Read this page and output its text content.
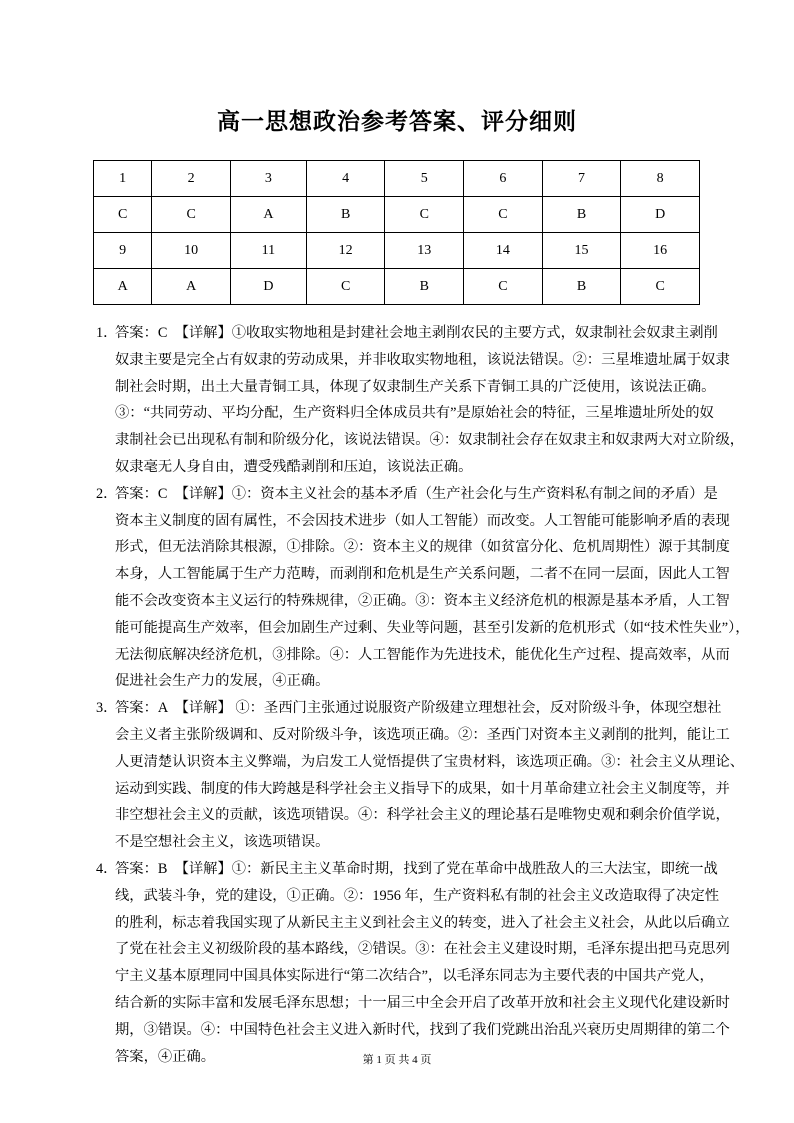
高一思想政治参考答案、评分细则
1	2	3	4	5	6	7	8
C	C	A	B	C	C	B	D
9	10	11	12	13	14	15	16
A	A	D	C	B	C	B	C
1．
答案：C　【详解】①收取实物地租是封建社会地主剥削农民的主要方式，奴隶制社会奴隶主剥削
奴隶主要是完全占有奴隶的劳动成果，并非收取实物地租，该说法错误。②：三星堆遗址属于奴隶
制社会时期，出土大量青铜工具，体现了奴隶制生产关系下青铜工具的广泛使用，该说法正确。
③：“共同劳动、平均分配，生产资料归全体成员共有”是原始社会的特征，三星堆遗址所处的奴
隶制社会已出现私有制和阶级分化，该说法错误。④：奴隶制社会存在奴隶主和奴隶两大对立阶级，
奴隶毫无人身自由，遭受残酷剥削和压迫，该说法正确。
2．
答案：C　【详解】①：资本主义社会的基本矛盾（生产社会化与生产资料私有制之间的矛盾）是
资本主义制度的固有属性，不会因技术进步（如人工智能）而改变。人工智能可能影响矛盾的表现
形式，但无法消除其根源，①排除。②：资本主义的规律（如贫富分化、危机周期性）源于其制度
本身，人工智能属于生产力范畴，而剥削和危机是生产关系问题，二者不在同一层面，因此人工智
能不会改变资本主义运行的特殊规律，②正确。③：资本主义经济危机的根源是基本矛盾，人工智
能可能提高生产效率，但会加剧生产过剩、失业等问题，甚至引发新的危机形式（如“技术性失业”），
无法彻底解决经济危机，③排除。④：人工智能作为先进技术，能优化生产过程、提高效率，从而
促进社会生产力的发展，④正确。
3．
答案：A　【详解】 ①：圣西门主张通过说服资产阶级建立理想社会，反对阶级斗争，体现空想社
会主义者主张阶级调和、反对阶级斗争，该选项正确。②：圣西门对资本主义剥削的批判，能让工
人更清楚认识资本主义弊端，为启发工人觉悟提供了宝贵材料，该选项正确。③：社会主义从理论、
运动到实践、制度的伟大跨越是科学社会主义指导下的成果，如十月革命建立社会主义制度等，并
非空想社会主义的贡献，该选项错误。④：科学社会主义的理论基石是唯物史观和剩余价值学说，
不是空想社会主义，该选项错误。
4．
答案：B　【详解】①：新民主主义革命时期，找到了党在革命中战胜敌人的三大法宝，即统一战
线，武装斗争，党的建设，①正确。②：1956 年，生产资料私有制的社会主义改造取得了决定性
的胜利，标志着我国实现了从新民主主义到社会主义的转变，进入了社会主义社会，从此以后确立
了党在社会主义初级阶段的基本路线，②错误。③：在社会主义建设时期，毛泽东提出把马克思列
宁主义基本原理同中国具体实际进行“第二次结合”，以毛泽东同志为主要代表的中国共产党人，
结合新的实际丰富和发展毛泽东思想；十一届三中全会开启了改革开放和社会主义现代化建设新时
期，③错误。④：中国特色社会主义进入新时代，找到了我们党跳出治乱兴衰历史周期律的第二个
答案，④正确。	第 1 页 共 4 页
